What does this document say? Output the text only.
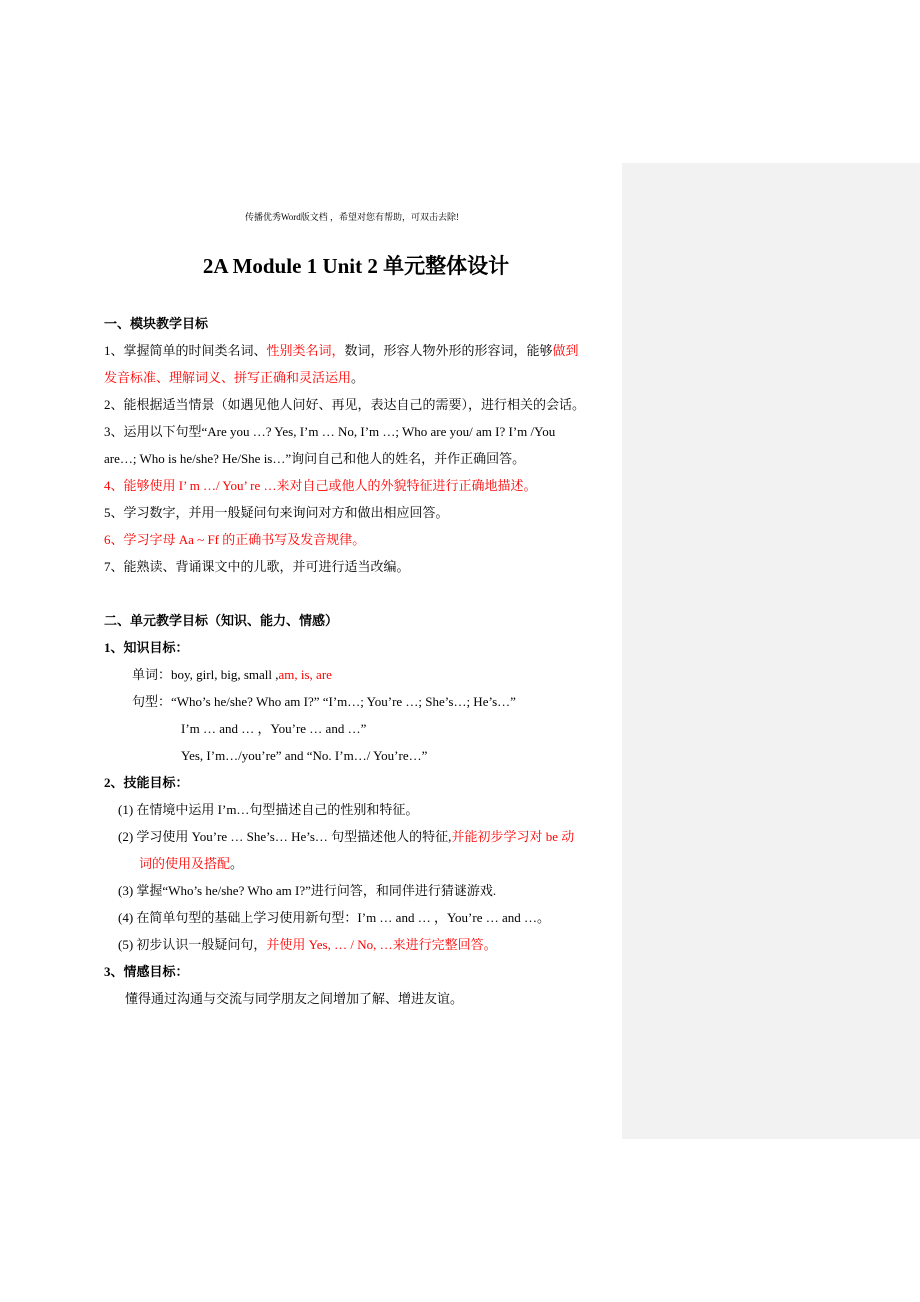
传播优秀Word版文档 ，希望对您有帮助，可双击去除!
2A Module 1 Unit 2 单元整体设计
一、模块教学目标
1、掌握简单的时间类名词、性别类名词，数词，形容人物外形的形容词，能够做到
发音标准、理解词义、拼写正确和灵活运用。
2、能根据适当情景（如遇见他人问好、再见，表达自己的需要），进行相关的会话。
3、运用以下句型“Are you …? Yes, I’m … No, I’m …; Who are you/ am I? I’m /You
are…; Who is he/she? He/She is…”询问自己和他人的姓名，并作正确回答。
4、能够使用 I’ m …/ You’ re …来对自己或他人的外貌特征进行正确地描述。
5、学习数字，并用一般疑问句来询问对方和做出相应回答。
6、学习字母 Aa ~ Ff 的正确书写及发音规律。
7、能熟读、背诵课文中的儿歌，并可进行适当改编。
二、单元教学目标（知识、能力、情感）
1、知识目标：
单词：boy, girl, big, small ,am, is, are
句型：“Who’s he/she? Who am I?” “I’m…; You’re …; She’s…; He’s…”
I’m … and … ，You’re … and …”
Yes, I’m…/you’re” and “No. I’m…/ You’re…”
2、技能目标：
(1) 在情境中运用 I’m…句型描述自己的性别和特征。
(2) 学习使用 You’re … She’s… He’s… 句型描述他人的特征,并能初步学习对 be 动
词的使用及搭配。
(3) 掌握“Who’s he/she? Who am I?”进行问答，和同伴进行猜谜游戏.
(4) 在简单句型的基础上学习使用新句型：I’m … and … ，You’re … and …。
(5) 初步认识一般疑问句，并使用 Yes, … / No, …来进行完整回答。
3、情感目标：
懂得通过沟通与交流与同学朋友之间增加了解、增进友谊。
